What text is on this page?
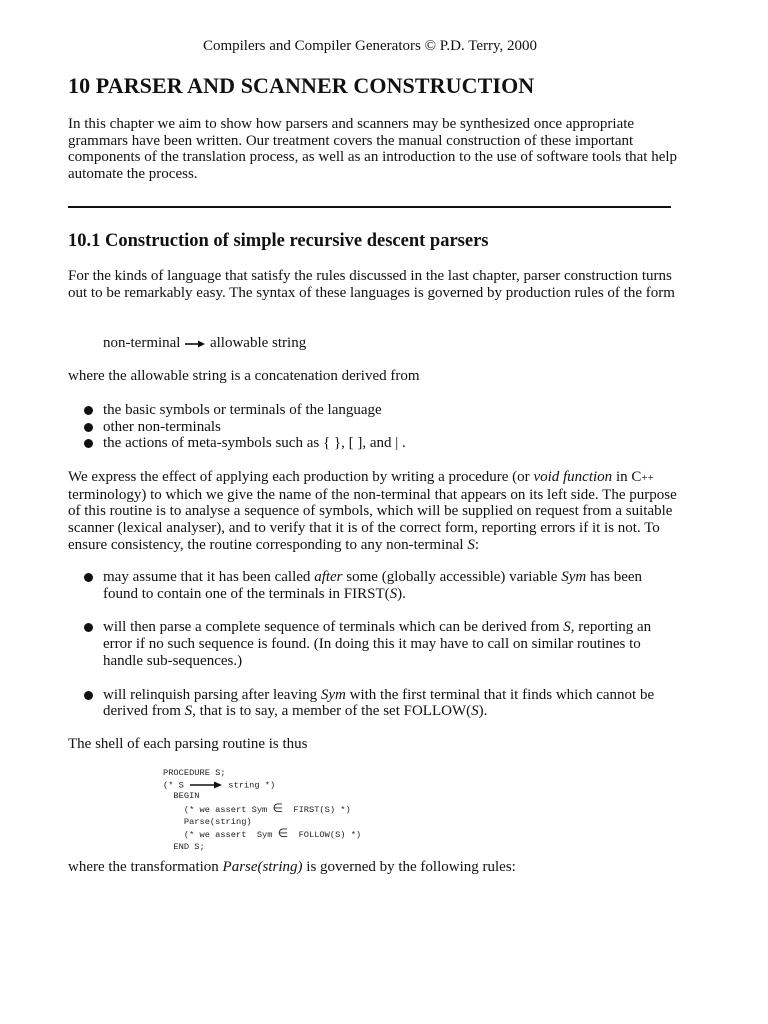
Compilers and Compiler Generators © P.D. Terry, 2000
10 PARSER AND SCANNER CONSTRUCTION

In this chapter we aim to show how parsers and scanners may be synthesized once appropriate grammars have been written. Our treatment covers the manual construction of these important components of the translation process, as well as an introduction to the use of software tools that help automate the process.

10.1 Construction of simple recursive descent parsers

For the kinds of language that satisfy the rules discussed in the last chapter, parser construction turns out to be remarkably easy. The syntax of these languages is governed by production rules of the form

non-terminal allowable string

where the allowable string is a concatenation derived from

the basic symbols or terminals of the language
other non-terminals
the actions of meta-symbols such as { }, [ ], and | .

We express the effect of applying each production by writing a procedure (or void function in C++ terminology) to which we give the name of the non-terminal that appears on its left side. The purpose of this routine is to analyse a sequence of symbols, which will be supplied on request from a suitable scanner (lexical analyser), and to verify that it is of the correct form, reporting errors if it is not. To ensure consistency, the routine corresponding to any non-terminal S:

may assume that it has been called after some (globally accessible) variable Sym has been found to contain one of the terminals in FIRST(S).
will then parse a complete sequence of terminals which can be derived from S, reporting an error if no such sequence is found. (In doing this it may have to call on similar routines to handle sub-sequences.)
will relinquish parsing after leaving Sym with the first terminal that it finds which cannot be derived from S, that is to say, a member of the set FOLLOW(S).

The shell of each parsing routine is thus

PROCEDURE S;
(* S	string *)
BEGIN
(* we assert Sym ∈  FIRST(S) *)
Parse(string)
(* we assert  Sym ∈  FOLLOW(S) *)
END S;

where the transformation Parse(string) is governed by the following rules:
